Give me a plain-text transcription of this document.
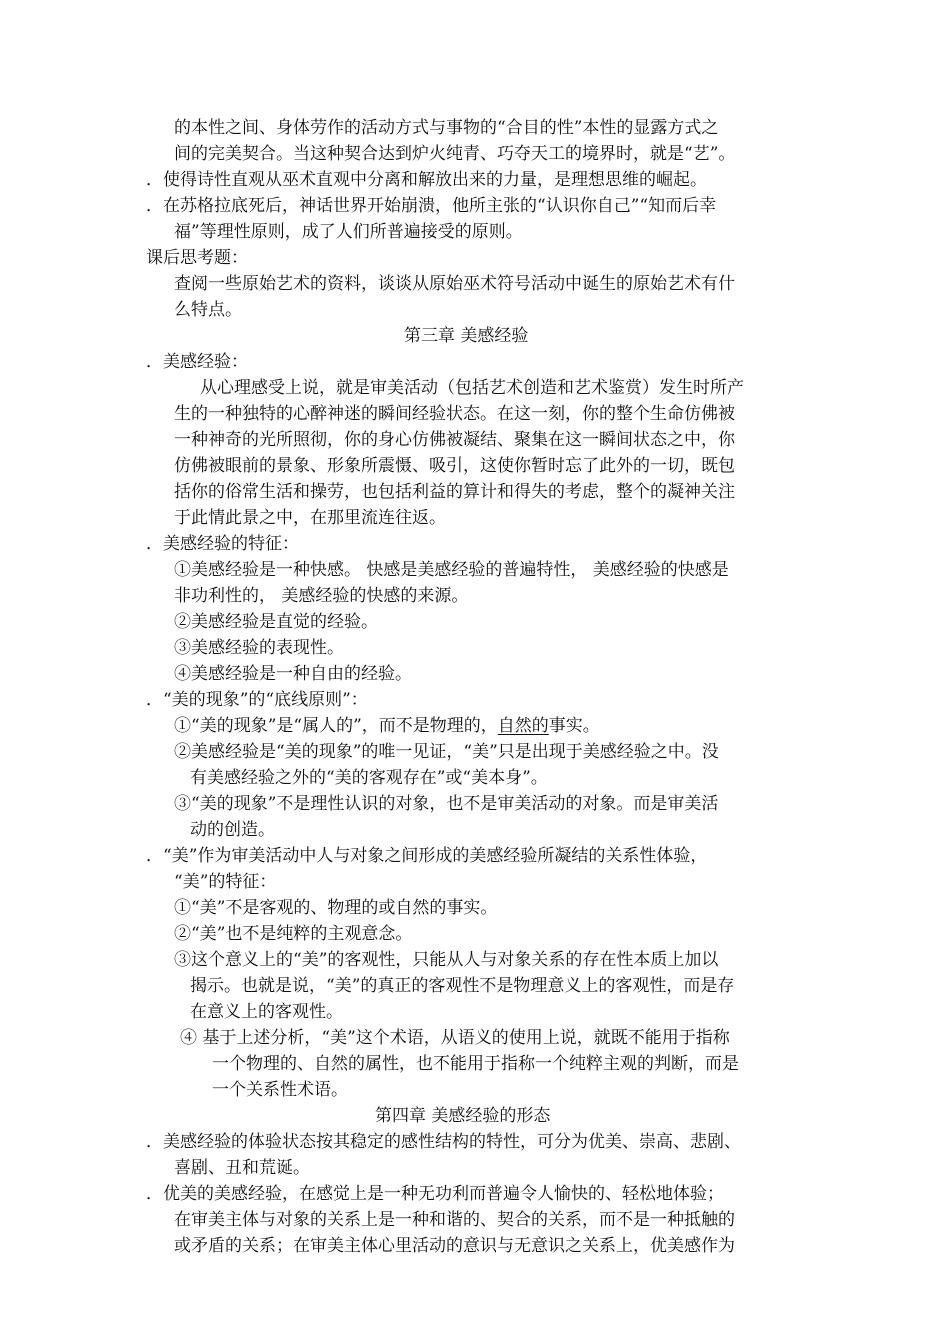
的本性之间、身体劳作的活动方式与事物的“合目的性”本性的显露方式之
间的完美契合。当这种契合达到炉火纯青、巧夺天工的境界时，就是“艺”。
．使得诗性直观从巫术直观中分离和解放出来的力量，是理想思维的崛起。
．在苏格拉底死后，神话世界开始崩溃，他所主张的“认识你自己”“知而后幸
福”等理性原则，成了人们所普遍接受的原则。
课后思考题：
查阅一些原始艺术的资料，谈谈从原始巫术符号活动中诞生的原始艺术有什
么特点。
第三章 美感经验
．美感经验：
从心理感受上说，就是审美活动（包括艺术创造和艺术鉴赏）发生时所产
生的一种独特的心醉神迷的瞬间经验状态。在这一刻，你的整个生命仿佛被
一种神奇的光所照彻，你的身心仿佛被凝结、聚集在这一瞬间状态之中，你
仿佛被眼前的景象、形象所震慑、吸引，这使你暂时忘了此外的一切，既包
括你的俗常生活和操劳，也包括利益的算计和得失的考虑，整个的凝神关注
于此情此景之中，在那里流连往返。
．美感经验的特征：
①美感经验是一种快感。 快感是美感经验的普遍特性， 美感经验的快感是
非功利性的， 美感经验的快感的来源。
②美感经验是直觉的经验。
③美感经验的表现性。
④美感经验是一种自由的经验。
．“美的现象”的“底线原则”：
①“美的现象”是“属人的”，而不是物理的，自然的事实。
②美感经验是“美的现象”的唯一见证，“美”只是出现于美感经验之中。没
有美感经验之外的“美的客观存在”或“美本身”。
③“美的现象”不是理性认识的对象，也不是审美活动的对象。而是审美活
动的创造。
．“美”作为审美活动中人与对象之间形成的美感经验所凝结的关系性体验，
“美”的特征：
①“美”不是客观的、物理的或自然的事实。
②“美”也不是纯粹的主观意念。
③这个意义上的“美”的客观性，只能从人与对象关系的存在性本质上加以
揭示。也就是说，“美”的真正的客观性不是物理意义上的客观性，而是存
在意义上的客观性。
④ 基于上述分析，“美”这个术语，从语义的使用上说，就既不能用于指称
一个物理的、自然的属性，也不能用于指称一个纯粹主观的判断，而是
一个关系性术语。
第四章 美感经验的形态
．美感经验的体验状态按其稳定的感性结构的特性，可分为优美、崇高、悲剧、
喜剧、丑和荒诞。
．优美的美感经验，在感觉上是一种无功利而普遍令人愉快的、轻松地体验；
在审美主体与对象的关系上是一种和谐的、契合的关系，而不是一种抵触的
或矛盾的关系；在审美主体心里活动的意识与无意识之关系上，优美感作为
